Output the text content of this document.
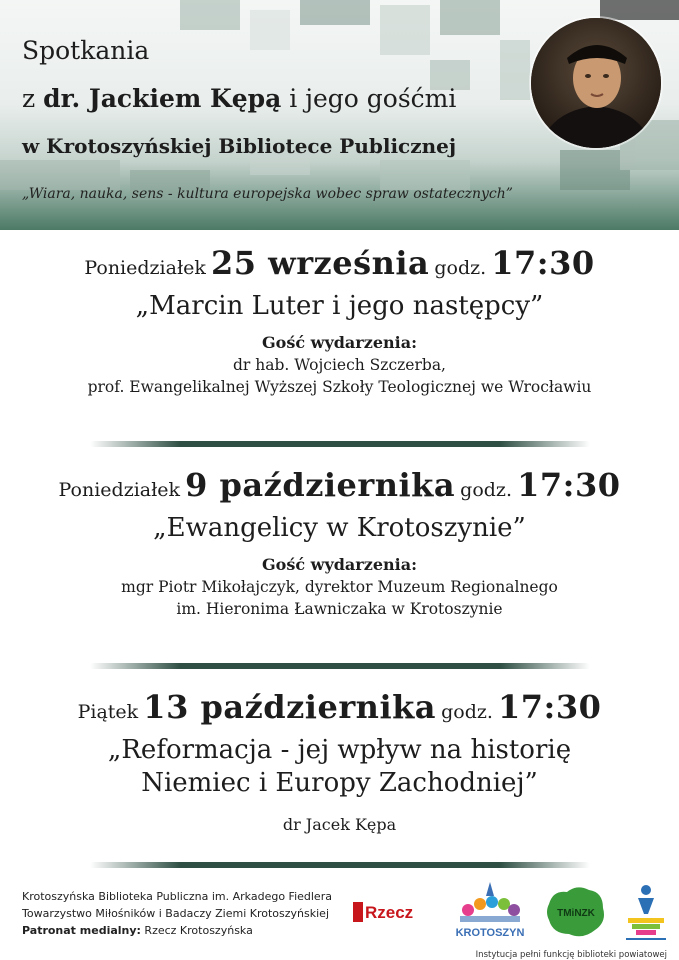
Spotkania
z dr. Jackiem Kępą i jego gośćmi
w Krotoszyńskiej Bibliotece Publicznej
„Wiara, nauka, sens - kultura europejska wobec spraw ostatecznych”
Poniedziałek 25 września godz. 17:30
„Marcin Luter i jego następcy”
Gość wydarzenia:
dr hab. Wojciech Szczerba,
prof. Ewangelikalnej Wyższej Szkoły Teologicznej we Wrocławiu
Poniedziałek 9 października godz. 17:30
„Ewangelicy w Krotoszynie”
Gość wydarzenia:
mgr Piotr Mikołajczyk, dyrektor Muzeum Regionalnego
im. Hieronima Ławniczaka w Krotoszynie
Piątek 13 października godz. 17:30
„Reformacja - jej wpływ na historię
Niemiec i Europy Zachodniej”
dr Jacek Kępa
Krotoszyńska Biblioteka Publiczna im. Arkadego Fiedlera
Towarzystwo Miłośników i Badaczy Ziemi Krotoszyńskiej
Patronat medialny: Rzecz Krotoszyńska
Rzecz
KROTOSZYN
TMiNZK
Instytucja pełni funkcję biblioteki powiatowej
